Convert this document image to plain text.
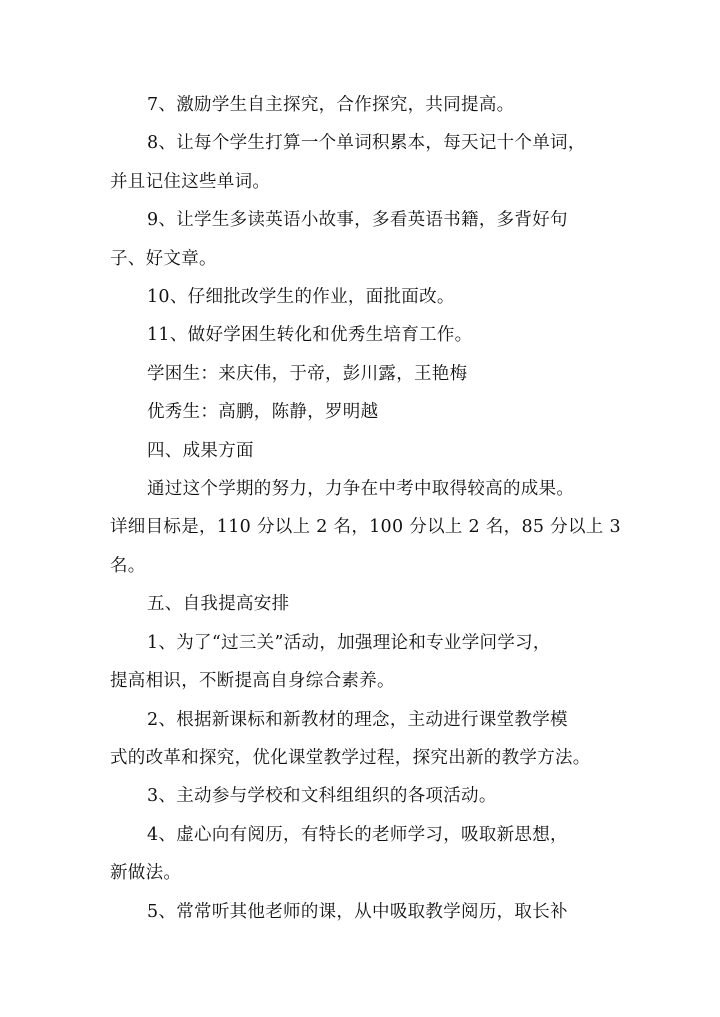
7、激励学生自主探究，合作探究，共同提高。

8、让每个学生打算一个单词积累本，每天记十个单词，

并且记住这些单词。

9、让学生多读英语小故事，多看英语书籍，多背好句

子、好文章。

10、仔细批改学生的作业，面批面改。

11、做好学困生转化和优秀生培育工作。

学困生：来庆伟，于帝，彭川露，王艳梅

优秀生：高鹏，陈静，罗明越

四、成果方面

通过这个学期的努力，力争在中考中取得较高的成果。

详细目标是，110 分以上 2 名，100 分以上 2 名，85 分以上 3

名。

五、自我提高安排

1、为了“过三关”活动，加强理论和专业学问学习，

提高相识，不断提高自身综合素养。

2、根据新课标和新教材的理念，主动进行课堂教学模

式的改革和探究，优化课堂教学过程，探究出新的教学方法。

3、主动参与学校和文科组组织的各项活动。

4、虚心向有阅历，有特长的老师学习，吸取新思想，

新做法。

5、常常听其他老师的课，从中吸取教学阅历，取长补
